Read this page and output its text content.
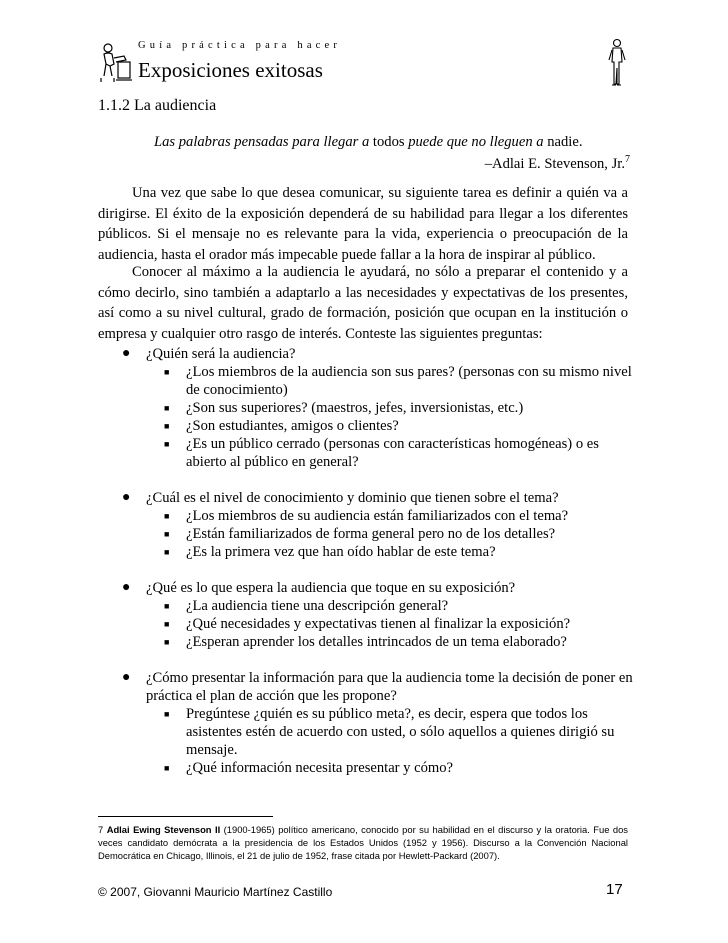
Guía práctica para hacer
Exposiciones exitosas
1.1.2 La audiencia
Las palabras pensadas para llegar a todos puede que no lleguen a nadie.
–Adlai E. Stevenson, Jr.$^7$

Una vez que sabe lo que desea comunicar, su siguiente tarea es definir a quién va a dirigirse. El éxito de la exposición dependerá de su habilidad para llegar a los diferentes públicos. Si el mensaje no es relevante para la vida, experiencia o preocupación de la audiencia, hasta el orador más impecable puede fallar a la hora de inspirar al público.

Conocer al máximo a la audiencia le ayudará, no sólo a preparar el contenido y a cómo decirlo, sino también a adaptarlo a las necesidades y expectativas de los presentes, así como a su nivel cultural, grado de formación, posición que ocupan en la institución o empresa y cualquier otro rasgo de interés. Conteste las siguientes preguntas:

● ¿Quién será la audiencia?
■ ¿Los miembros de la audiencia son sus pares? (personas con su mismo nivel de conocimiento)
■ ¿Son sus superiores? (maestros, jefes, inversionistas, etc.)
■ ¿Son estudiantes, amigos o clientes?
■ ¿Es un público cerrado (personas con características homogéneas) o es abierto al público en general?
● ¿Cuál es el nivel de conocimiento y dominio que tienen sobre el tema?
■ ¿Los miembros de su audiencia están familiarizados con el tema?
■ ¿Están familiarizados de forma general pero no de los detalles?
■ ¿Es la primera vez que han oído hablar de este tema?
● ¿Qué es lo que espera la audiencia que toque en su exposición?
■ ¿La audiencia tiene una descripción general?
■ ¿Qué necesidades y expectativas tienen al finalizar la exposición?
■ ¿Esperan aprender los detalles intrincados de un tema elaborado?
● ¿Cómo presentar la información para que la audiencia tome la decisión de poner en práctica el plan de acción que les propone?
■ Pregúntese ¿quién es su público meta?, es decir, espera que todos los asistentes estén de acuerdo con usted, o sólo aquellos a quienes dirigió su mensaje.
■ ¿Qué información necesita presentar y cómo?
7 Adlai Ewing Stevenson II (1900-1965) político americano, conocido por su habilidad en el discurso y la oratoria. Fue dos veces candidato demócrata a la presidencia de los Estados Unidos (1952 y 1956). Discurso a la Convención Nacional Democrática en Chicago, Illinois, el 21 de julio de 1952, frase citada por Hewlett-Packard (2007).
© 2007, Giovanni Mauricio Martínez Castillo	17
